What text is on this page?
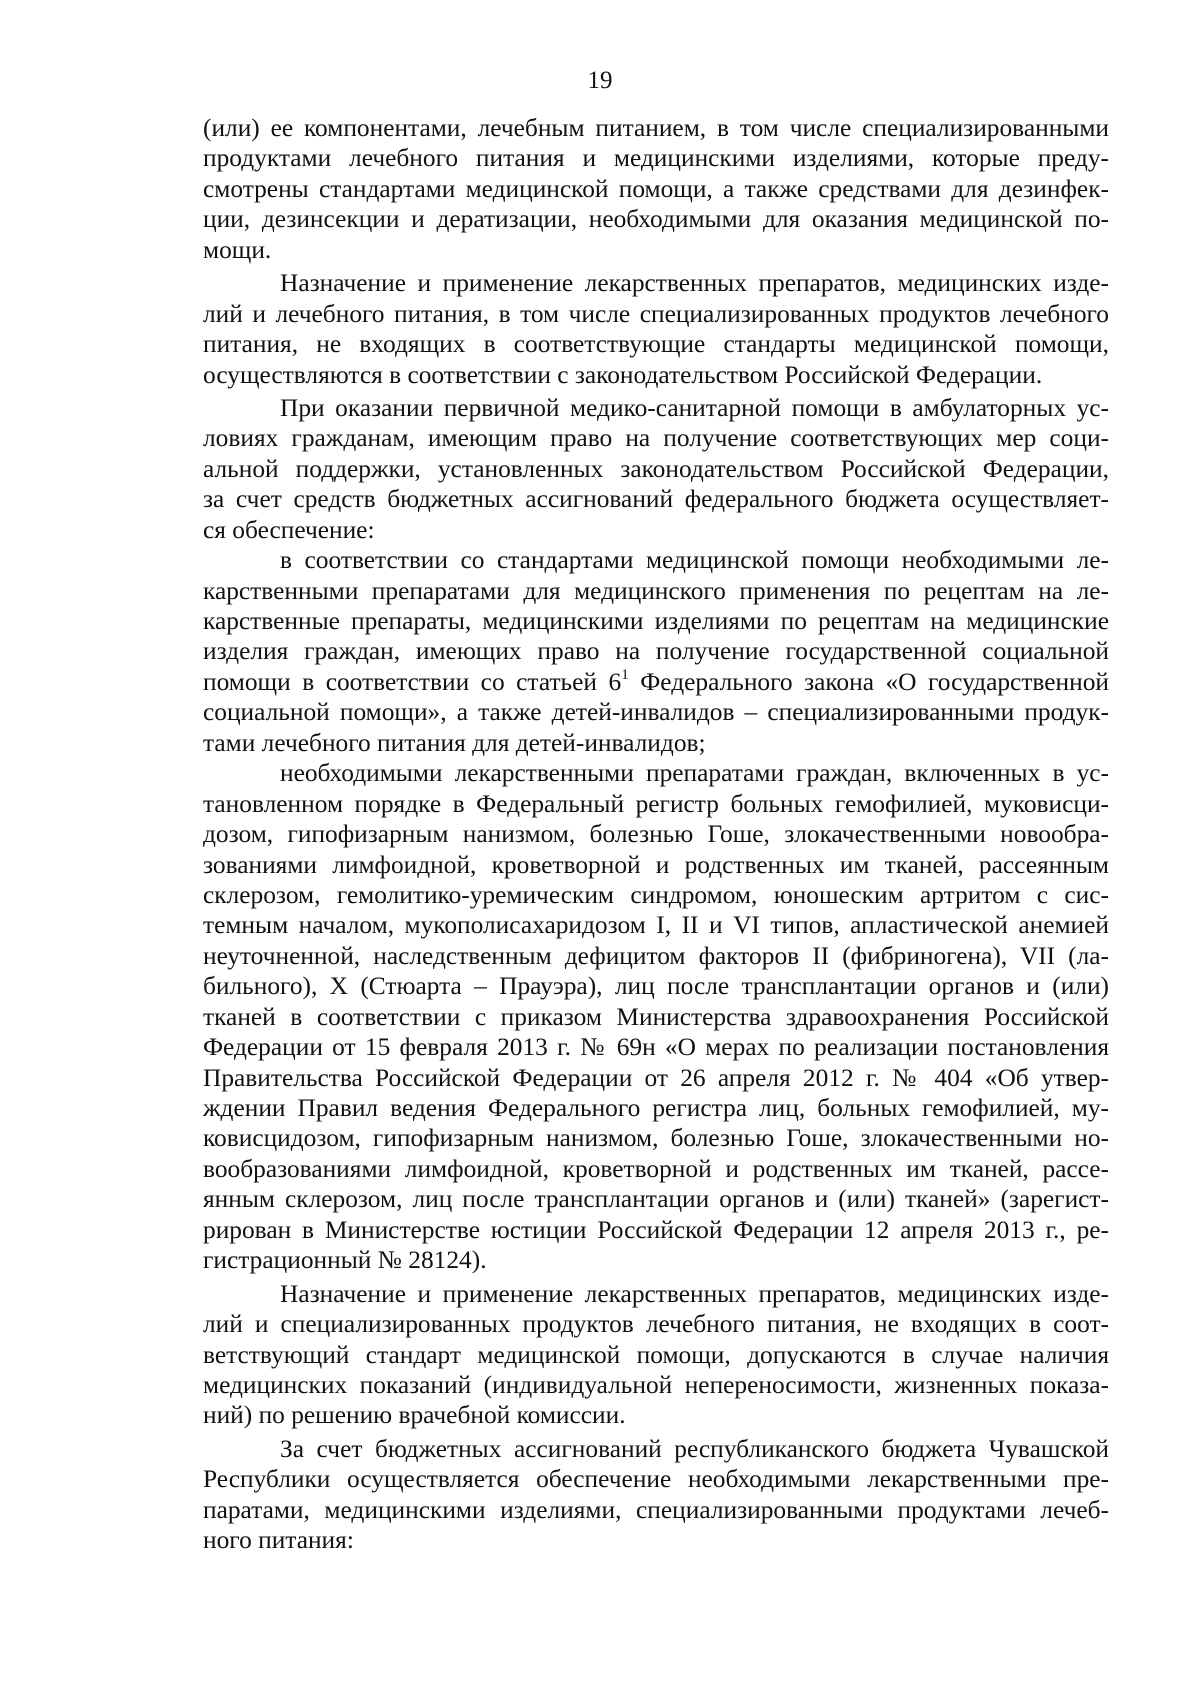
19
(или) ее компонентами, лечебным питанием, в том числе специализированными
продуктами лечебного питания и медицинскими изделиями, которые преду-
смотрены стандартами медицинской помощи, а также средствами для дезинфек-
ции, дезинсекции и дератизации, необходимыми для оказания медицинской по-
мощи.
Назначение и применение лекарственных препаратов, медицинских изде-
лий и лечебного питания, в том числе специализированных продуктов лечебного
питания, не входящих в соответствующие стандарты медицинской помощи,
осуществляются в соответствии с законодательством Российской Федерации.
При оказании первичной медико-санитарной помощи в амбулаторных ус-
ловиях гражданам, имеющим право на получение соответствующих мер соци-
альной поддержки, установленных законодательством Российской Федерации,
за счет средств бюджетных ассигнований федерального бюджета осуществляет-
ся обеспечение:
в соответствии со стандартами медицинской помощи необходимыми ле-
карственными препаратами для медицинского применения по рецептам на ле-
карственные препараты, медицинскими изделиями по рецептам на медицинские
изделия граждан, имеющих право на получение государственной социальной
помощи в соответствии со статьей $6^1$ Федерального закона «О государственной
социальной помощи», а также детей-инвалидов – специализированными продук-
тами лечебного питания для детей-инвалидов;
необходимыми лекарственными препаратами граждан, включенных в ус-
тановленном порядке в Федеральный регистр больных гемофилией, муковисци-
дозом, гипофизарным нанизмом, болезнью Гоше, злокачественными новообра-
зованиями лимфоидной, кроветворной и родственных им тканей, рассеянным
склерозом, гемолитико-уремическим синдромом, юношеским артритом с сис-
темным началом, мукополисахаридозом I, II и VI типов, апластической анемией
неуточненной, наследственным дефицитом факторов II (фибриногена), VII (ла-
бильного), X (Стюарта – Прауэра), лиц после трансплантации органов и (или)
тканей в соответствии с приказом Министерства здравоохранения Российской
Федерации от 15 февраля 2013 г. № 69н «О мерах по реализации постановления
Правительства Российской Федерации от 26 апреля 2012 г. № 404 «Об утвер-
ждении Правил ведения Федерального регистра лиц, больных гемофилией, му-
ковисцидозом, гипофизарным нанизмом, болезнью Гоше, злокачественными но-
вообразованиями лимфоидной, кроветворной и родственных им тканей, рассе-
янным склерозом, лиц после трансплантации органов и (или) тканей» (зарегист-
рирован в Министерстве юстиции Российской Федерации 12 апреля 2013 г., ре-
гистрационный № 28124).
Назначение и применение лекарственных препаратов, медицинских изде-
лий и специализированных продуктов лечебного питания, не входящих в соот-
ветствующий стандарт медицинской помощи, допускаются в случае наличия
медицинских показаний (индивидуальной непереносимости, жизненных показа-
ний) по решению врачебной комиссии.
За счет бюджетных ассигнований республиканского бюджета Чувашской
Республики осуществляется обеспечение необходимыми лекарственными пре-
паратами, медицинскими изделиями, специализированными продуктами лечеб-
ного питания:
